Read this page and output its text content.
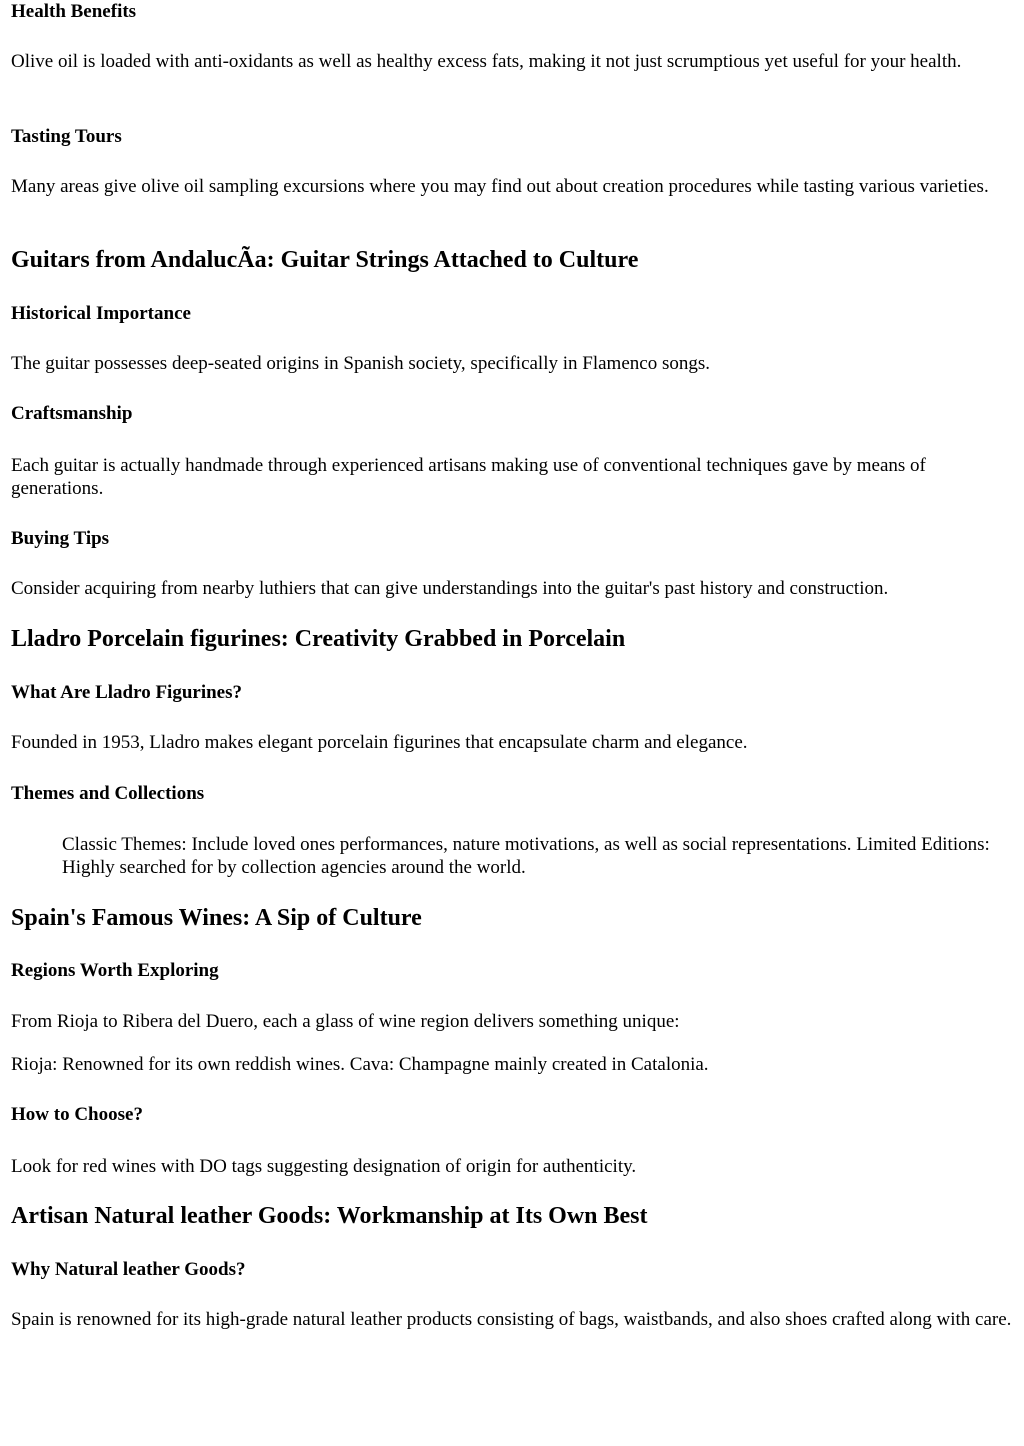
Health Benefits

Olive oil is loaded with anti-oxidants as well as healthy excess fats, making it not just scrumptious yet useful for your health.

Tasting Tours

Many areas give olive oil sampling excursions where you may find out about creation procedures while tasting various varieties.

Guitars from AndalucÃa: Guitar Strings Attached to Culture
Historical Importance

The guitar possesses deep-seated origins in Spanish society, specifically in Flamenco songs.

Craftsmanship

Each guitar is actually handmade through experienced artisans making use of conventional techniques gave by means of generations.

Buying Tips

Consider acquiring from nearby luthiers that can give understandings into the guitar's past history and construction.

Lladro Porcelain figurines: Creativity Grabbed in Porcelain
What Are Lladro Figurines?

Founded in 1953, Lladro makes elegant porcelain figurines that encapsulate charm and elegance.

Themes and Collections
Classic Themes: Include loved ones performances, nature motivations, as well as social representations. Limited Editions: Highly searched for by collection agencies around the world.
Spain's Famous Wines: A Sip of Culture
Regions Worth Exploring

From Rioja to Ribera del Duero, each a glass of wine region delivers something unique:

Rioja: Renowned for its own reddish wines. Cava: Champagne mainly created in Catalonia.

How to Choose?

Look for red wines with DO tags suggesting designation of origin for authenticity.

Artisan Natural leather Goods: Workmanship at Its Own Best
Why Natural leather Goods?

Spain is renowned for its high-grade natural leather products consisting of bags, waistbands, and also shoes crafted along with care.
